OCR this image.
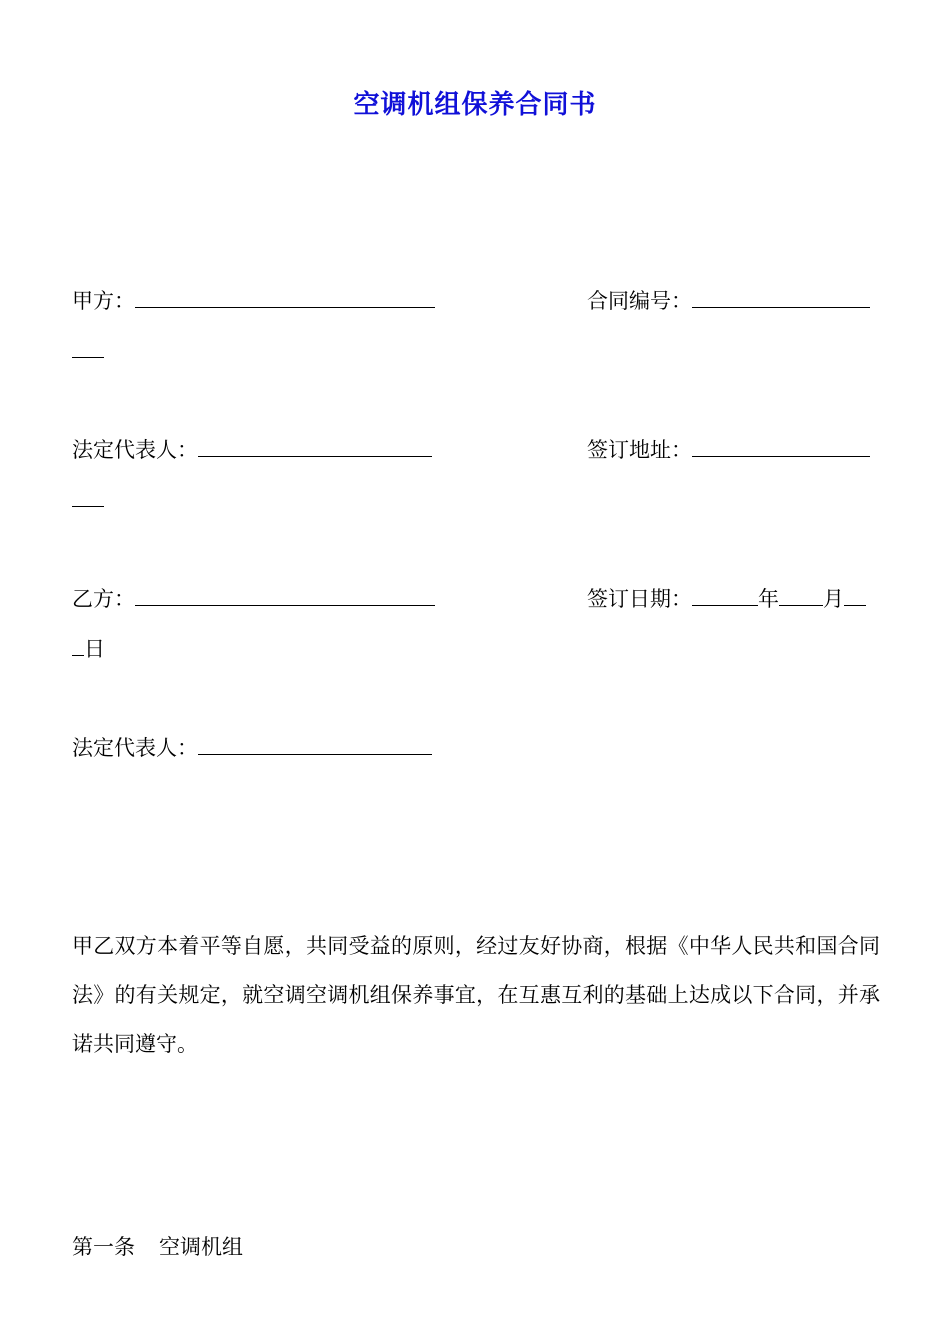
空调机组保养合同书
甲方：	合同编号：
法定代表人：	签订地址：
乙方：	签订日期：	年 月
日
法定代表人：
甲乙双方本着平等自愿，共同受益的原则，经过友好协商，根据《中华人民共和国合同法》的有关规定，就空调空调机组保养事宜，在互惠互利的基础上达成以下合同，并承诺共同遵守。
第一条 空调机组
